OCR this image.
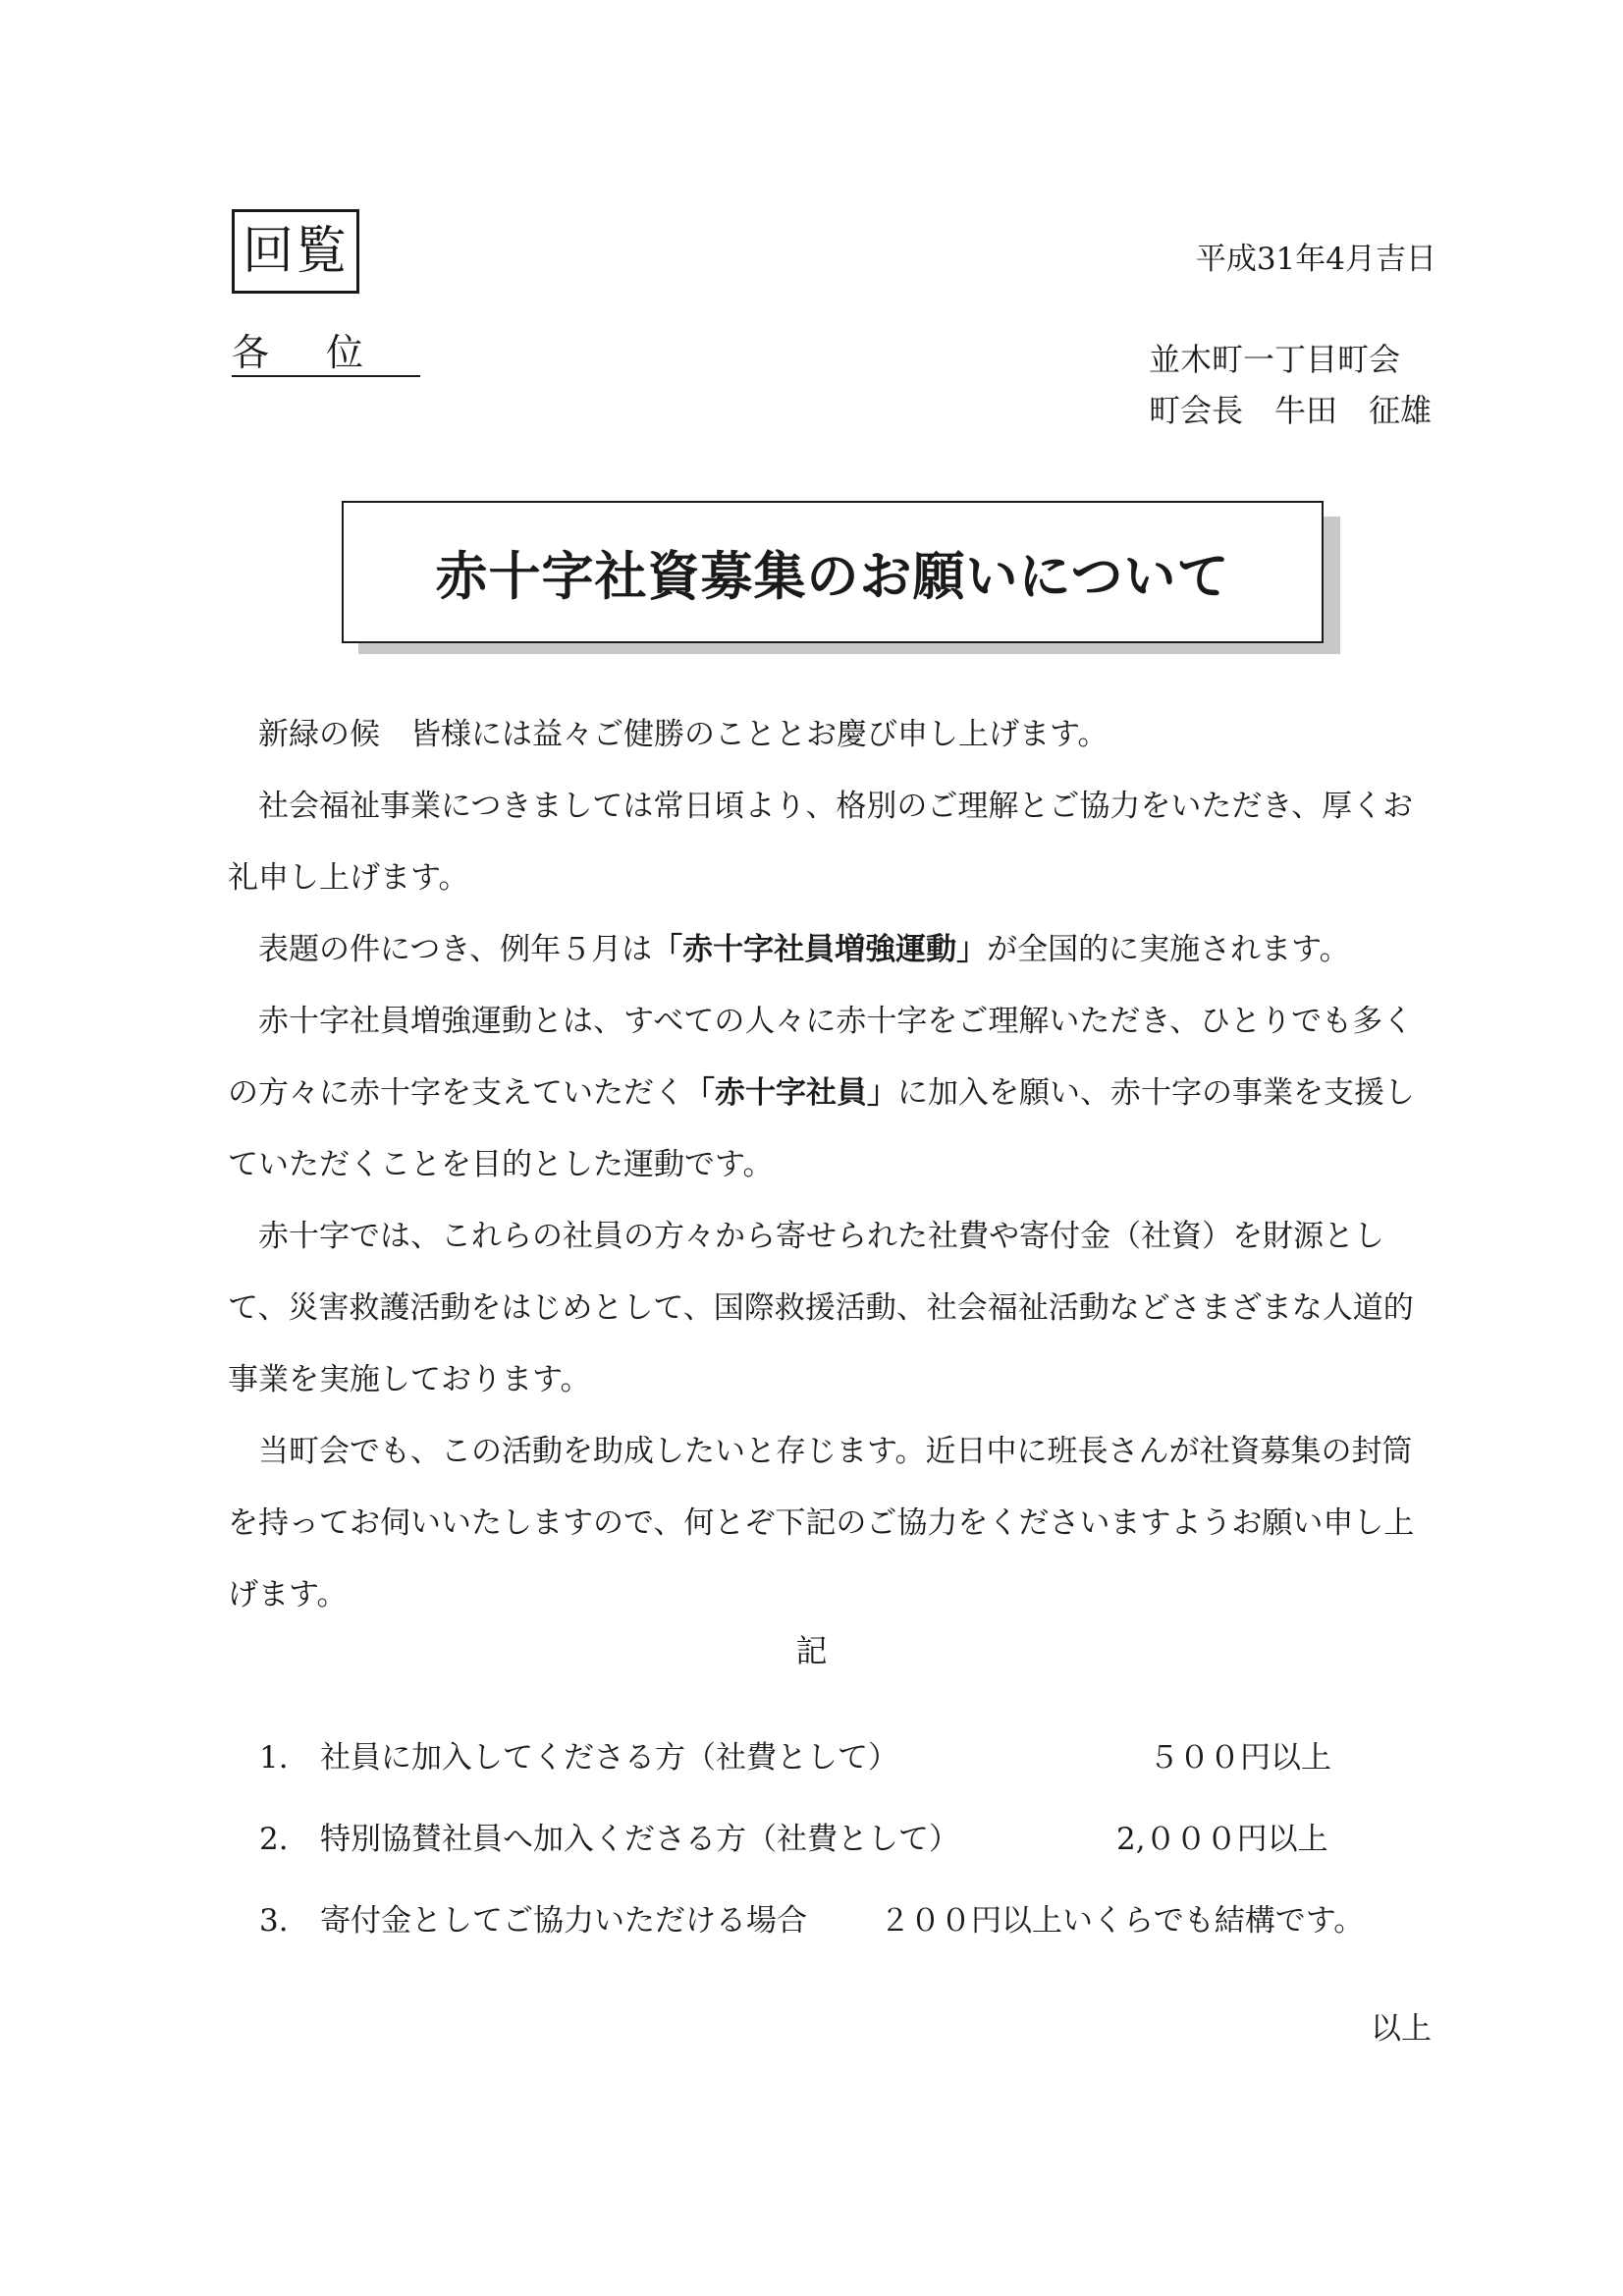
回覧	平成31年4月吉日
各位	並木町一丁目町会
町会長　牛田　征雄
赤十字社資募集のお願いについて

新緑の候　皆様には益々ご健勝のこととお慶び申し上げます。

社会福祉事業につきましては常日頃より、格別のご理解とご協力をいただき、厚くお礼申し上げます。

表題の件につき、例年５月は「赤十字社員増強運動」が全国的に実施されます。

赤十字社員増強運動とは、すべての人々に赤十字をご理解いただき、ひとりでも多くの方々に赤十字を支えていただく「赤十字社員」に加入を願い、赤十字の事業を支援していただくことを目的とした運動です。

赤十字では、これらの社員の方々から寄せられた社費や寄付金（社資）を財源として、災害救護活動をはじめとして、国際救援活動、社会福祉活動などさまざまな人道的事業を実施しております。

当町会でも、この活動を助成したいと存じます。近日中に班長さんが社資募集の封筒を持ってお伺いいたしますので、何とぞ下記のご協力をくださいますようお願い申し上げます。

記
1. 社員に加入してくださる方（社費として）	５００円以上
2. 特別協賛社員へ加入くださる方（社費として）	2,０００円以上
3. 寄付金としてご協力いただける場合 ２００円以上いくらでも結構です。
以上
